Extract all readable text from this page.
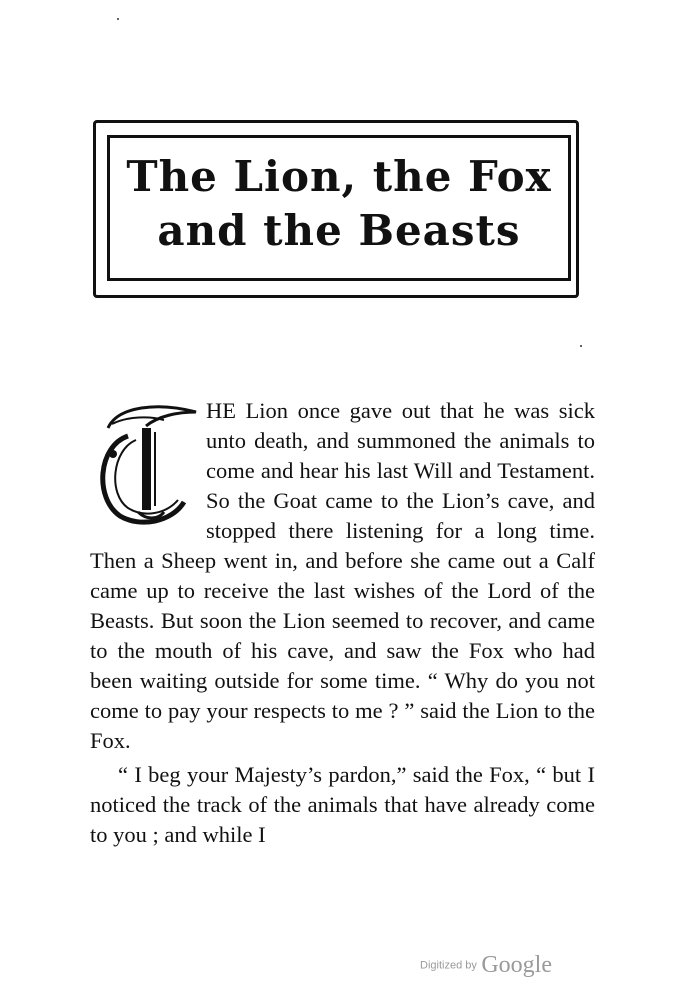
The Lion, the Fox
and the Beasts

HE Lion once gave out that he was sick unto death, and summoned the animals to come and hear his last Will and Testament. So the Goat came to the Lion’s cave, and stopped there listening for a long time. Then a Sheep went in, and before she came out a Calf came up to receive the last wishes of the Lord of the Beasts. But soon the Lion seemed to recover, and came to the mouth of his cave, and saw the Fox who had been waiting outside for some time. “ Why do you not come to pay your respects to me ? ” said the Lion to the Fox.

“ I beg your Majesty’s pardon,” said the Fox, “ but I noticed the track of the animals that have already come to you ; and while I

Digitized by Google
